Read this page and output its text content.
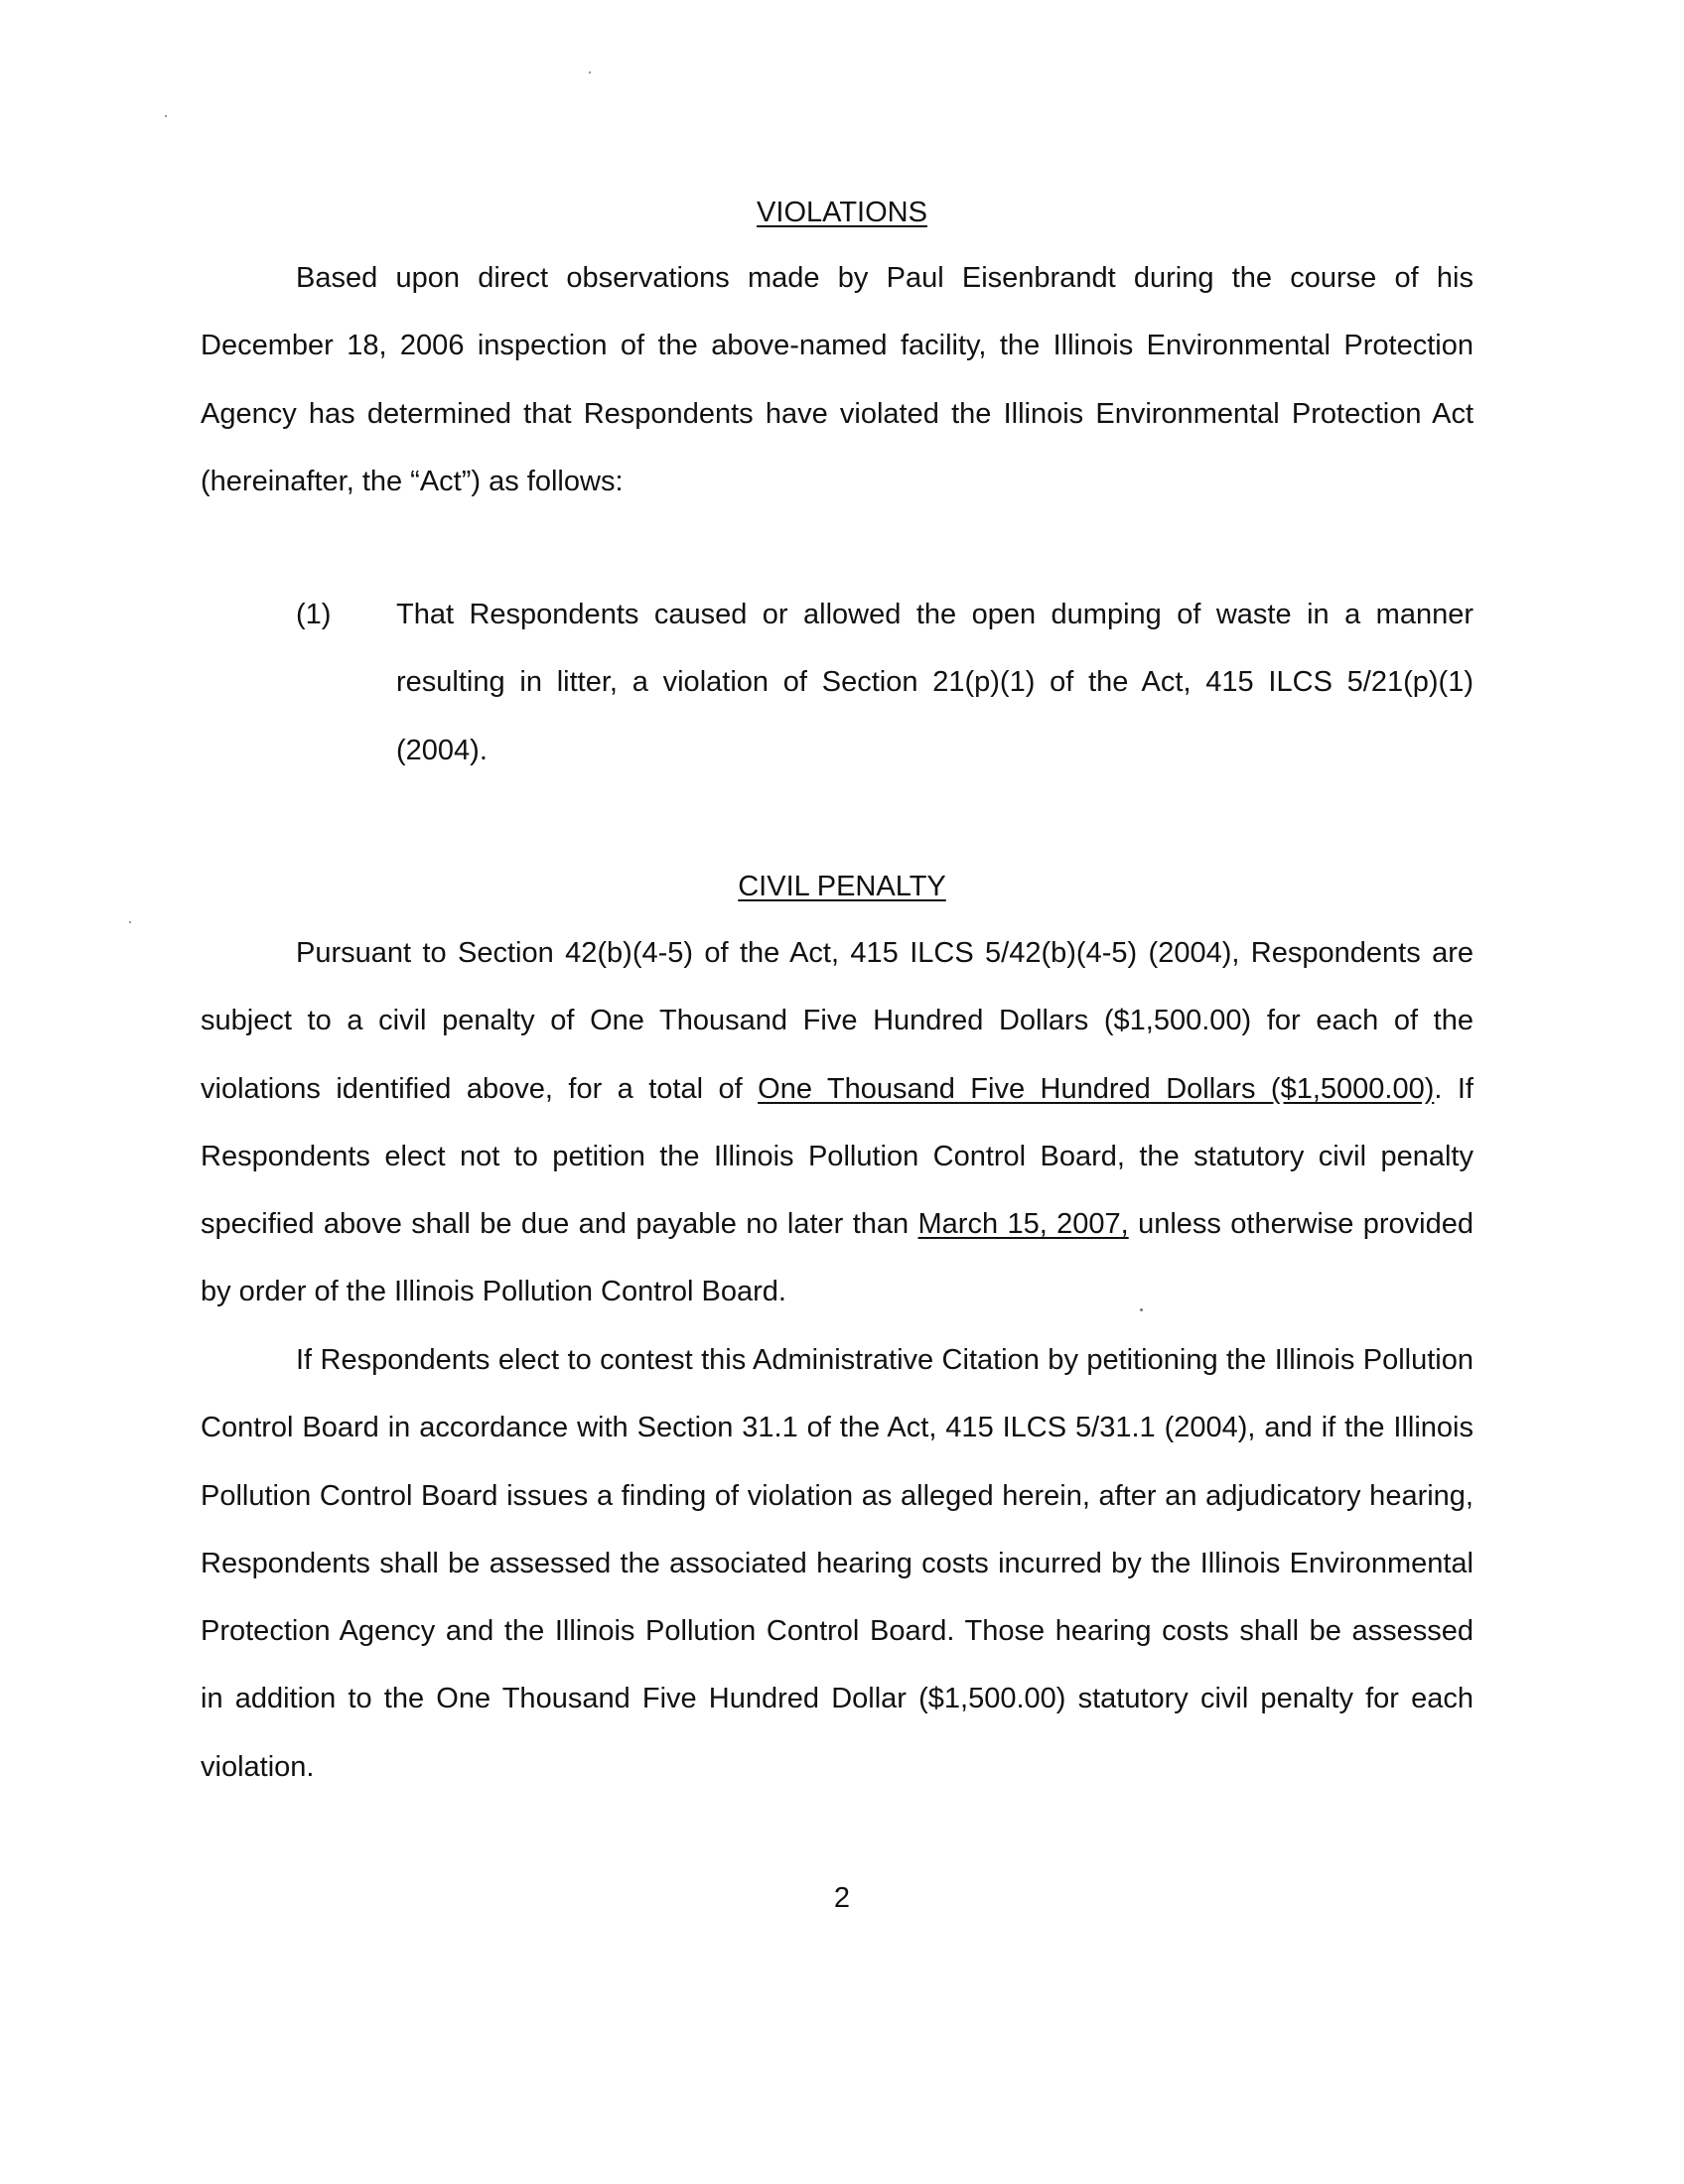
VIOLATIONS
Based upon direct observations made by Paul Eisenbrandt during the course of his
December 18, 2006 inspection of the above-named facility, the Illinois Environmental Protection
Agency has determined that Respondents have violated the Illinois Environmental Protection Act
(hereinafter, the “Act”) as follows:
(1) That Respondents caused or allowed the open dumping of waste in a manner
resulting in litter, a violation of Section 21(p)(1) of the Act, 415 ILCS 5/21(p)(1)
(2004).
CIVIL PENALTY
Pursuant to Section 42(b)(4-5) of the Act, 415 ILCS 5/42(b)(4-5) (2004), Respondents are
subject to a civil penalty of One Thousand Five Hundred Dollars ($1,500.00) for each of the
violations identified above, for a total of One Thousand Five Hundred Dollars ($1,5000.00). If
Respondents elect not to petition the Illinois Pollution Control Board, the statutory civil penalty
specified above shall be due and payable no later than March 15, 2007, unless otherwise provided
by order of the Illinois Pollution Control Board.
If Respondents elect to contest this Administrative Citation by petitioning the Illinois Pollution
Control Board in accordance with Section 31.1 of the Act, 415 ILCS 5/31.1 (2004), and if the Illinois
Pollution Control Board issues a finding of violation as alleged herein, after an adjudicatory hearing,
Respondents shall be assessed the associated hearing costs incurred by the Illinois Environmental
Protection Agency and the Illinois Pollution Control Board. Those hearing costs shall be assessed
in addition to the One Thousand Five Hundred Dollar ($1,500.00) statutory civil penalty for each
violation.
2
